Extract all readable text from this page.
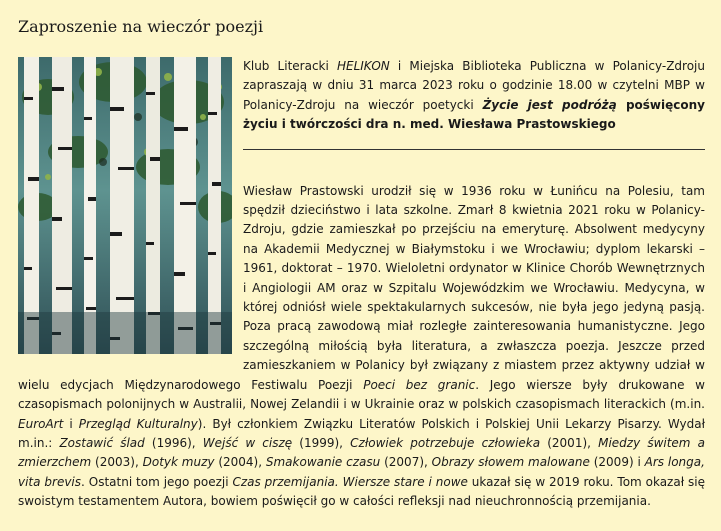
Zaproszenie na wieczór poezji

Klub Literacki HELIKON i Miejska Biblioteka Publiczna w Polanicy-Zdroju zapraszają w dniu 31 marca 2023 roku o godzinie 18.00 w czytelni MBP w Polanicy-Zdroju na wieczór poetycki Życie jest podróżą poświęcony życiu i twórczości dra n. med. Wiesława Prastowskiego

Wiesław Prastowski urodził się w 1936 roku w Łunińcu na Polesiu, tam spędził dzieciństwo i lata szkolne. Zmarł 8 kwietnia 2021 roku w Polanicy-Zdroju, gdzie zamieszkał po przejściu na emeryturę. Absolwent medycyny na Akademii Medycznej w Białymstoku i we Wrocławiu; dyplom lekarski – 1961, doktorat – 1970. Wieloletni ordynator w Klinice Chorób Wewnętrznych i Angiologii AM oraz w Szpitalu Wojewódzkim we Wrocławiu. Medycyna, w której odniósł wiele spektakularnych sukcesów, nie była jego jedyną pasją. Poza pracą zawodową miał rozległe zainteresowania humanistyczne. Jego szczególną miłością była literatura, a zwłaszcza poezja. Jeszcze przed zamieszkaniem w Polanicy był związany z miastem przez aktywny udział w wielu edycjach Międzynarodowego Festiwalu Poezji Poeci bez granic. Jego wiersze były drukowane w czasopismach polonijnych w Australii, Nowej Zelandii i w Ukrainie oraz w polskich czasopismach literackich (m.in. EuroArt i Przegląd Kulturalny). Był członkiem Związku Literatów Polskich i Polskiej Unii Lekarzy Pisarzy. Wydał m.in.: Zostawić ślad (1996), Wejść w ciszę (1999), Człowiek potrzebuje człowieka (2001), Miedzy świtem a zmierzchem (2003), Dotyk muzy (2004), Smakowanie czasu (2007), Obrazy słowem malowane (2009) i Ars longa, vita brevis. Ostatni tom jego poezji Czas przemijania. Wiersze stare i nowe ukazał się w 2019 roku. Tom okazał się swoistym testamentem Autora, bowiem poświęcił go w całości refleksji nad nieuchronnością przemijania.
